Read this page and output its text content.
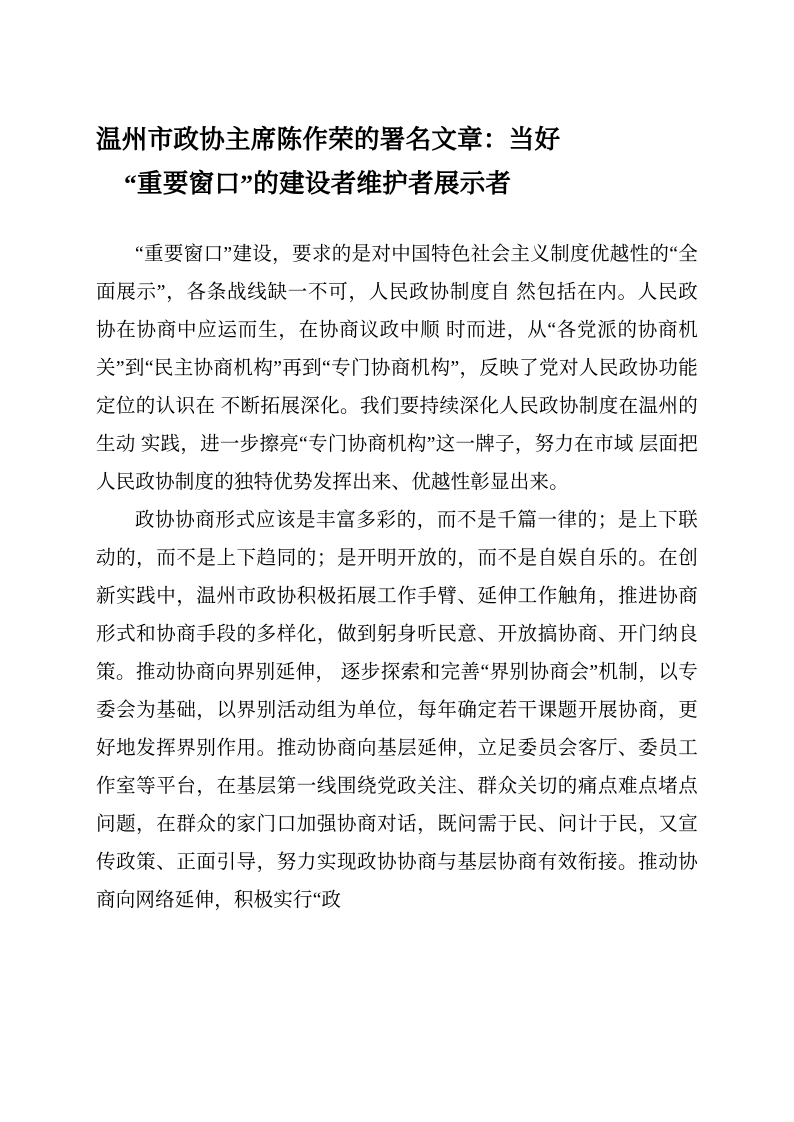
温州市政协主席陈作荣的署名文章：当好
“重要窗口”的建设者维护者展示者

“重要窗口”建设，要求的是对中国特色社会主义制度优越性的“全面展示”，各条战线缺一不可，人民政协制度自 然包括在内。人民政协在协商中应运而生，在协商议政中顺 时而进，从“各党派的协商机关”到“民主协商机构”再到“专门协商机构”，反映了党对人民政协功能定位的认识在 不断拓展深化。我们要持续深化人民政协制度在温州的生动 实践，进一步擦亮“专门协商机构”这一牌子，努力在市域 层面把人民政协制度的独特优势发挥出来、优越性彰显出来。

政协协商形式应该是丰富多彩的，而不是千篇一律的；是上下联动的，而不是上下趋同的；是开明开放的，而不是自娱自乐的。在创新实践中，温州市政协积极拓展工作手臂、延伸工作触角，推进协商形式和协商手段的多样化，做到躬身听民意、开放搞协商、开门纳良策。推动协商向界别延伸， 逐步探索和完善“界别协商会”机制，以专委会为基础，以界别活动组为单位，每年确定若干课题开展协商，更好地发挥界别作用。推动协商向基层延伸，立足委员会客厅、委员工作室等平台，在基层第一线围绕党政关注、群众关切的痛点难点堵点问题，在群众的家门口加强协商对话，既问需于民、问计于民，又宣传政策、正面引导，努力实现政协协商与基层协商有效衔接。推动协商向网络延伸，积极实行“政
